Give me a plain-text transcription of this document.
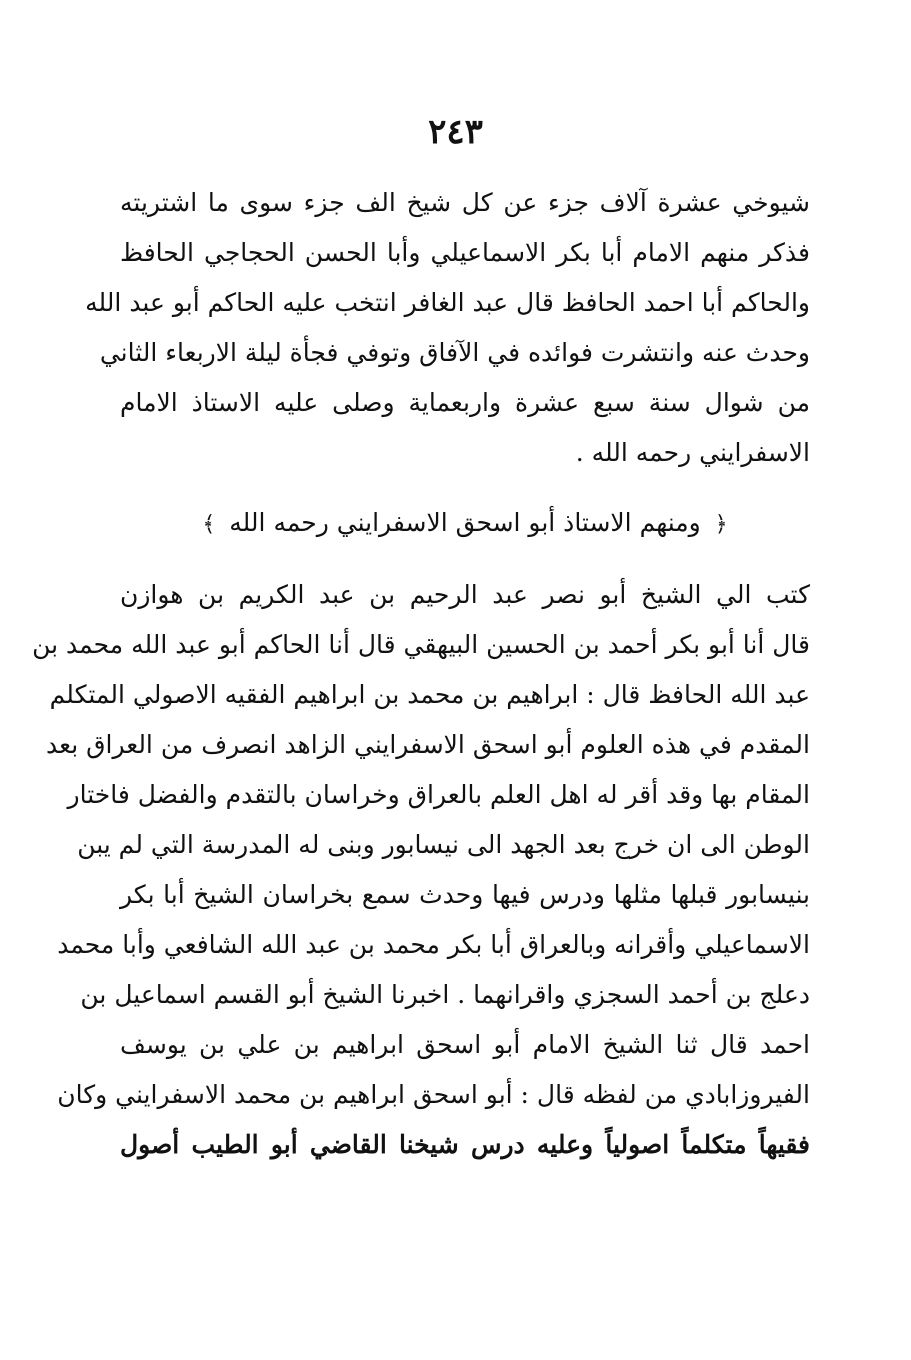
٢٤٣
شيوخي عشرة آلاف جزء عن كل شيخ الف جزء سوى ما اشتريته
فذكر منهم الامام أبا بكر الاسماعيلي وأبا الحسن الحجاجي الحافظ
والحاكم أبا احمد الحافظ قال عبد الغافر انتخب عليه الحاكم أبو عبد الله
وحدث عنه وانتشرت فوائده في الآفاق وتوفي فجأة ليلة الاربعاء الثاني
من شوال سنة سبع عشرة واربعماية وصلى عليه الاستاذ الامام
الاسفرايني رحمه الله .
﴿ ومنهم الاستاذ أبو اسحق الاسفرايني رحمه الله ﴾
كتب الي الشيخ أبو نصر عبد الرحيم بن عبد الكريم بن هوازن
قال أنا أبو بكر أحمد بن الحسين البيهقي قال أنا الحاكم أبو عبد الله محمد بن
عبد الله الحافظ قال : ابراهيم بن محمد بن ابراهيم الفقيه الاصولي المتكلم
المقدم في هذه العلوم أبو اسحق الاسفرايني الزاهد انصرف من العراق بعد
المقام بها وقد أقر له اهل العلم بالعراق وخراسان بالتقدم والفضل فاختار
الوطن الى ان خرج بعد الجهد الى نيسابور وبنى له المدرسة التي لم يبن
بنيسابور قبلها مثلها ودرس فيها وحدث سمع بخراسان الشيخ أبا بكر
الاسماعيلي وأقرانه وبالعراق أبا بكر محمد بن عبد الله الشافعي وأبا محمد
دعلج بن أحمد السجزي واقرانهما . اخبرنا الشيخ أبو القسم اسماعيل بن
احمد قال ثنا الشيخ الامام أبو اسحق ابراهيم بن علي بن يوسف
الفيروزابادي من لفظه قال : أبو اسحق ابراهيم بن محمد الاسفرايني وكان
فقيهاً متكلماً اصولياً وعليه درس شيخنا القاضي أبو الطيب أصول
